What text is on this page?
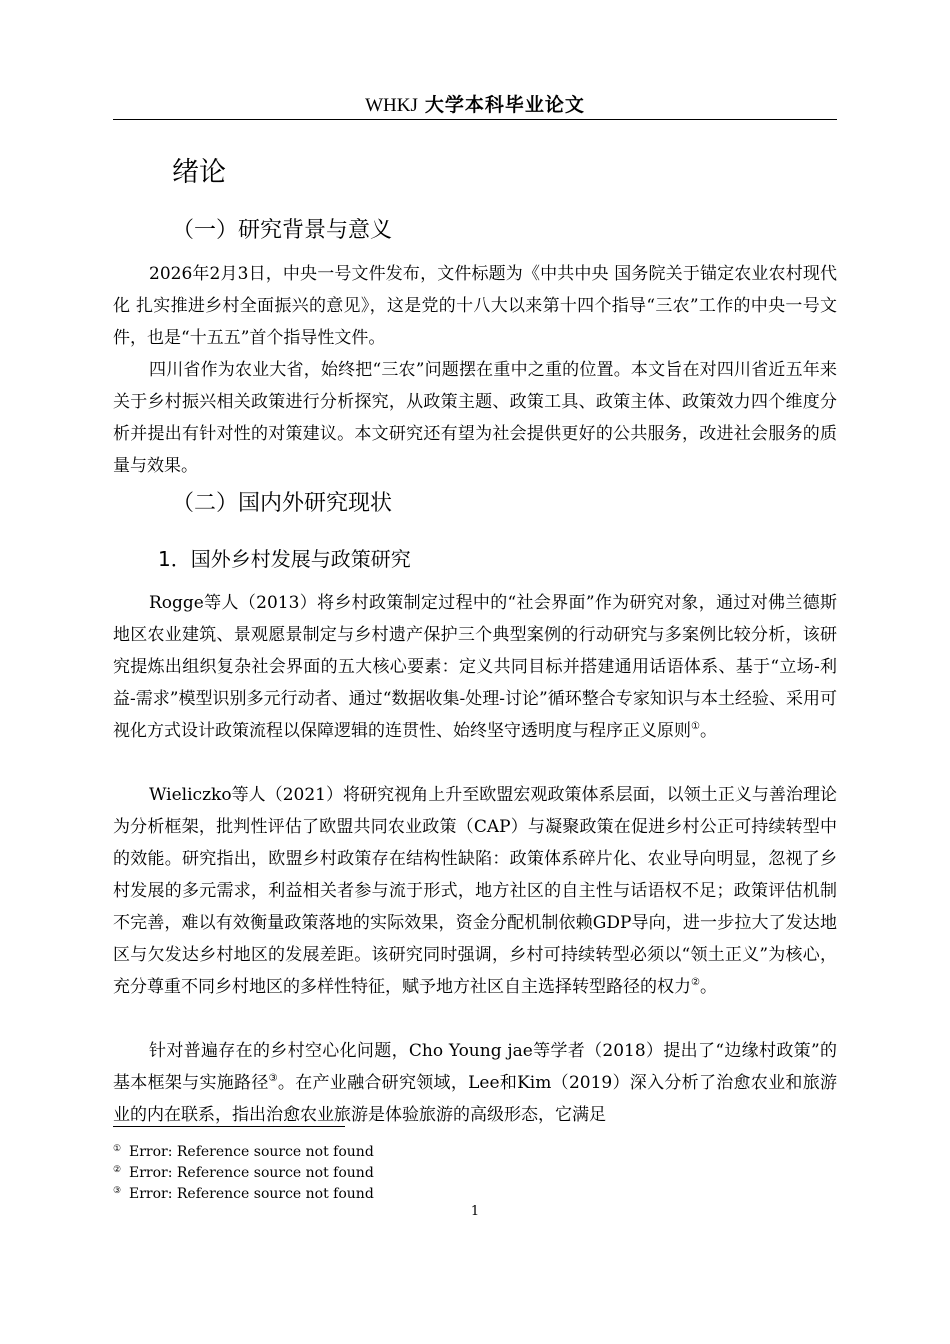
WHKJ 大学本科毕业论文
绪论
（一）研究背景与意义

2026年2月3日，中央一号文件发布，文件标题为《中共中央 国务院关于锚定农业农村现代化 扎实推进乡村全面振兴的意见》，这是党的十八大以来第十四个指导“三农”工作的中央一号文件，也是“十五五”首个指导性文件。

四川省作为农业大省，始终把“三农”问题摆在重中之重的位置。本文旨在对四川省近五年来关于乡村振兴相关政策进行分析探究，从政策主题、政策工具、政策主体、政策效力四个维度分析并提出有针对性的对策建议。本文研究还有望为社会提供更好的公共服务，改进社会服务的质量与效果。

（二）国内外研究现状
1．国外乡村发展与政策研究

Rogge等人（2013）将乡村政策制定过程中的“社会界面”作为研究对象，通过对佛兰德斯地区农业建筑、景观愿景制定与乡村遗产保护三个典型案例的行动研究与多案例比较分析，该研究提炼出组织复杂社会界面的五大核心要素：定义共同目标并搭建通用话语体系、基于“立场-利益-需求”模型识别多元行动者、通过“数据收集-处理-讨论”循环整合专家知识与本土经验、采用可视化方式设计政策流程以保障逻辑的连贯性、始终坚守透明度与程序正义原则①。

Wieliczko等人（2021）将研究视角上升至欧盟宏观政策体系层面，以领土正义与善治理论为分析框架，批判性评估了欧盟共同农业政策（CAP）与凝聚政策在促进乡村公正可持续转型中的效能。研究指出，欧盟乡村政策存在结构性缺陷：政策体系碎片化、农业导向明显，忽视了乡村发展的多元需求，利益相关者参与流于形式，地方社区的自主性与话语权不足；政策评估机制不完善，难以有效衡量政策落地的实际效果，资金分配机制依赖GDP导向，进一步拉大了发达地区与欠发达乡村地区的发展差距。该研究同时强调，乡村可持续转型必须以“领土正义”为核心，充分尊重不同乡村地区的多样性特征，赋予地方社区自主选择转型路径的权力②。

针对普遍存在的乡村空心化问题，Cho Young jae等学者（2018）提出了“边缘村政策”的基本框架与实施路径③。在产业融合研究领域，Lee和Kim（2019）深入分析了治愈农业和旅游业的内在联系，指出治愈农业旅游是体验旅游的高级形态，它满足

① Error: Reference source not found
② Error: Reference source not found
③ Error: Reference source not found
1
